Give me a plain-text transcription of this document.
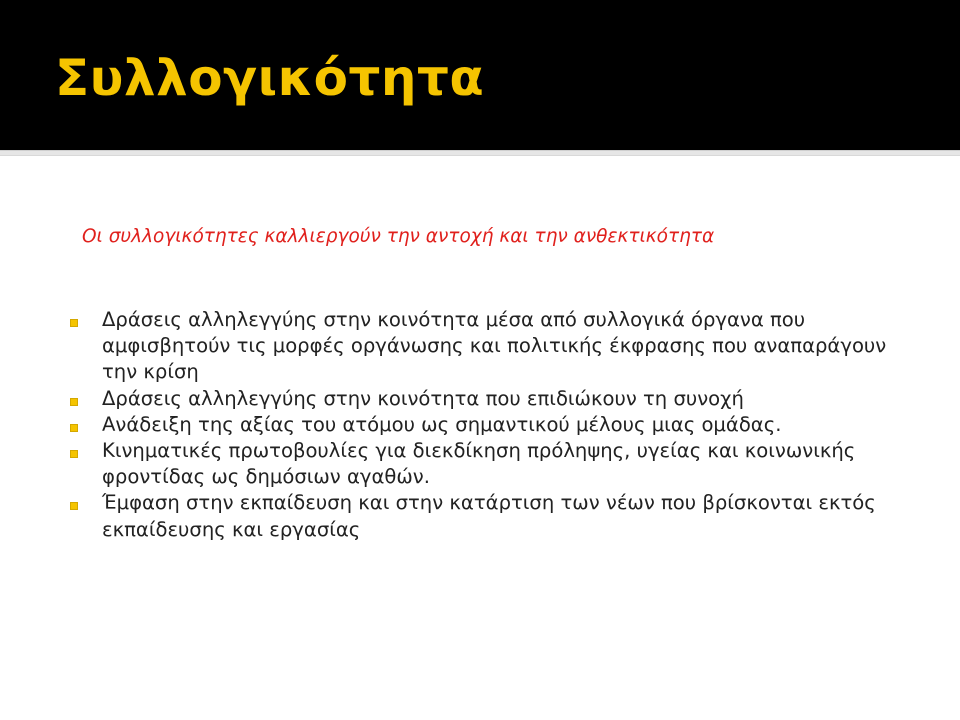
Συλλογικότητα

Οι συλλογικότητες καλλιεργούν την αντοχή και την ανθεκτικότητα

Δράσεις αλληλεγγύης στην κοινότητα μέσα από συλλογικά όργανα που αμφισβητούν τις μορφές οργάνωσης και πολιτικής έκφρασης που αναπαράγουν την κρίση
Δράσεις αλληλεγγύης στην κοινότητα που επιδιώκουν τη συνοχή
Ανάδειξη της αξίας του ατόμου ως σημαντικού μέλους μιας ομάδας.
Κινηματικές πρωτοβουλίες για διεκδίκηση πρόληψης, υγείας και κοινωνικής φροντίδας ως δημόσιων αγαθών.
Έμφαση στην εκπαίδευση και στην κατάρτιση των νέων που βρίσκονται εκτός εκπαίδευσης και εργασίας
